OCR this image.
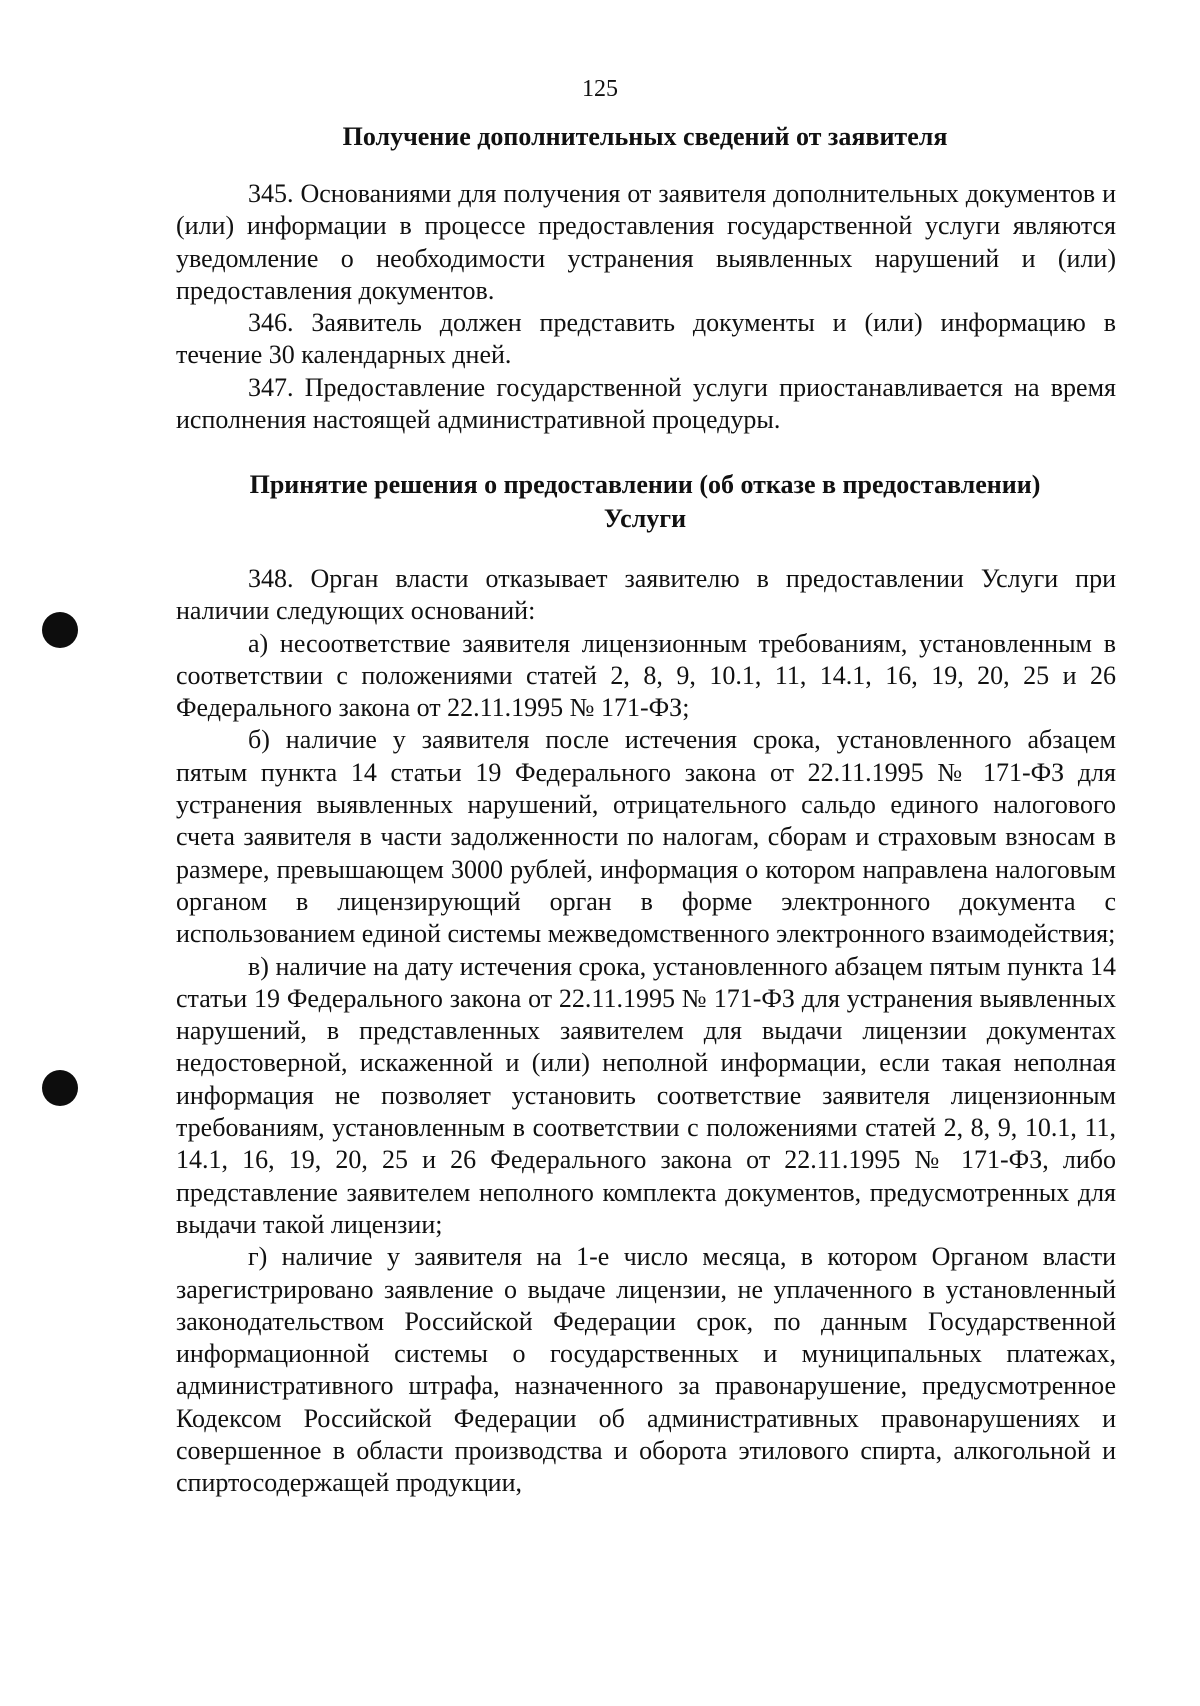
125
Получение дополнительных сведений от заявителя

345. Основаниями для получения от заявителя дополнительных документов и (или) информации в процессе предоставления государственной услуги являются уведомление о необходимости устранения выявленных нарушений и (или) предоставления документов.

346. Заявитель должен представить документы и (или) информацию в течение 30 календарных дней.

347. Предоставление государственной услуги приостанавливается на время исполнения настоящей административной процедуры.

Принятие решения о предоставлении (об отказе в предоставлении)
Услуги

348. Орган власти отказывает заявителю в предоставлении Услуги при наличии следующих оснований:

а) несоответствие заявителя лицензионным требованиям, установленным в соответствии с положениями статей 2, 8, 9, 10.1, 11, 14.1, 16, 19, 20, 25 и 26 Федерального закона от 22.11.1995 № 171-ФЗ;

б) наличие у заявителя после истечения срока, установленного абзацем пятым пункта 14 статьи 19 Федерального закона от 22.11.1995 № 171-ФЗ для устранения выявленных нарушений, отрицательного сальдо единого налогового счета заявителя в части задолженности по налогам, сборам и страховым взносам в размере, превышающем 3000 рублей, информация о котором направлена налоговым органом в лицензирующий орган в форме электронного документа с использованием единой системы межведомственного электронного взаимодействия;

в) наличие на дату истечения срока, установленного абзацем пятым пункта 14 статьи 19 Федерального закона от 22.11.1995 № 171-ФЗ для устранения выявленных нарушений, в представленных заявителем для выдачи лицензии документах недостоверной, искаженной и (или) неполной информации, если такая неполная информация не позволяет установить соответствие заявителя лицензионным требованиям, установленным в соответствии с положениями статей 2, 8, 9, 10.1, 11, 14.1, 16, 19, 20, 25 и 26 Федерального закона от 22.11.1995 № 171-ФЗ, либо представление заявителем неполного комплекта документов, предусмотренных для выдачи такой лицензии;

г) наличие у заявителя на 1-е число месяца, в котором Органом власти зарегистрировано заявление о выдаче лицензии, не уплаченного в установленный законодательством Российской Федерации срок, по данным Государственной информационной системы о государственных и муниципальных платежах, административного штрафа, назначенного за правонарушение, предусмотренное Кодексом Российской Федерации об административных правонарушениях и совершенное в области производства и оборота этилового спирта, алкогольной и спиртосодержащей продукции,
